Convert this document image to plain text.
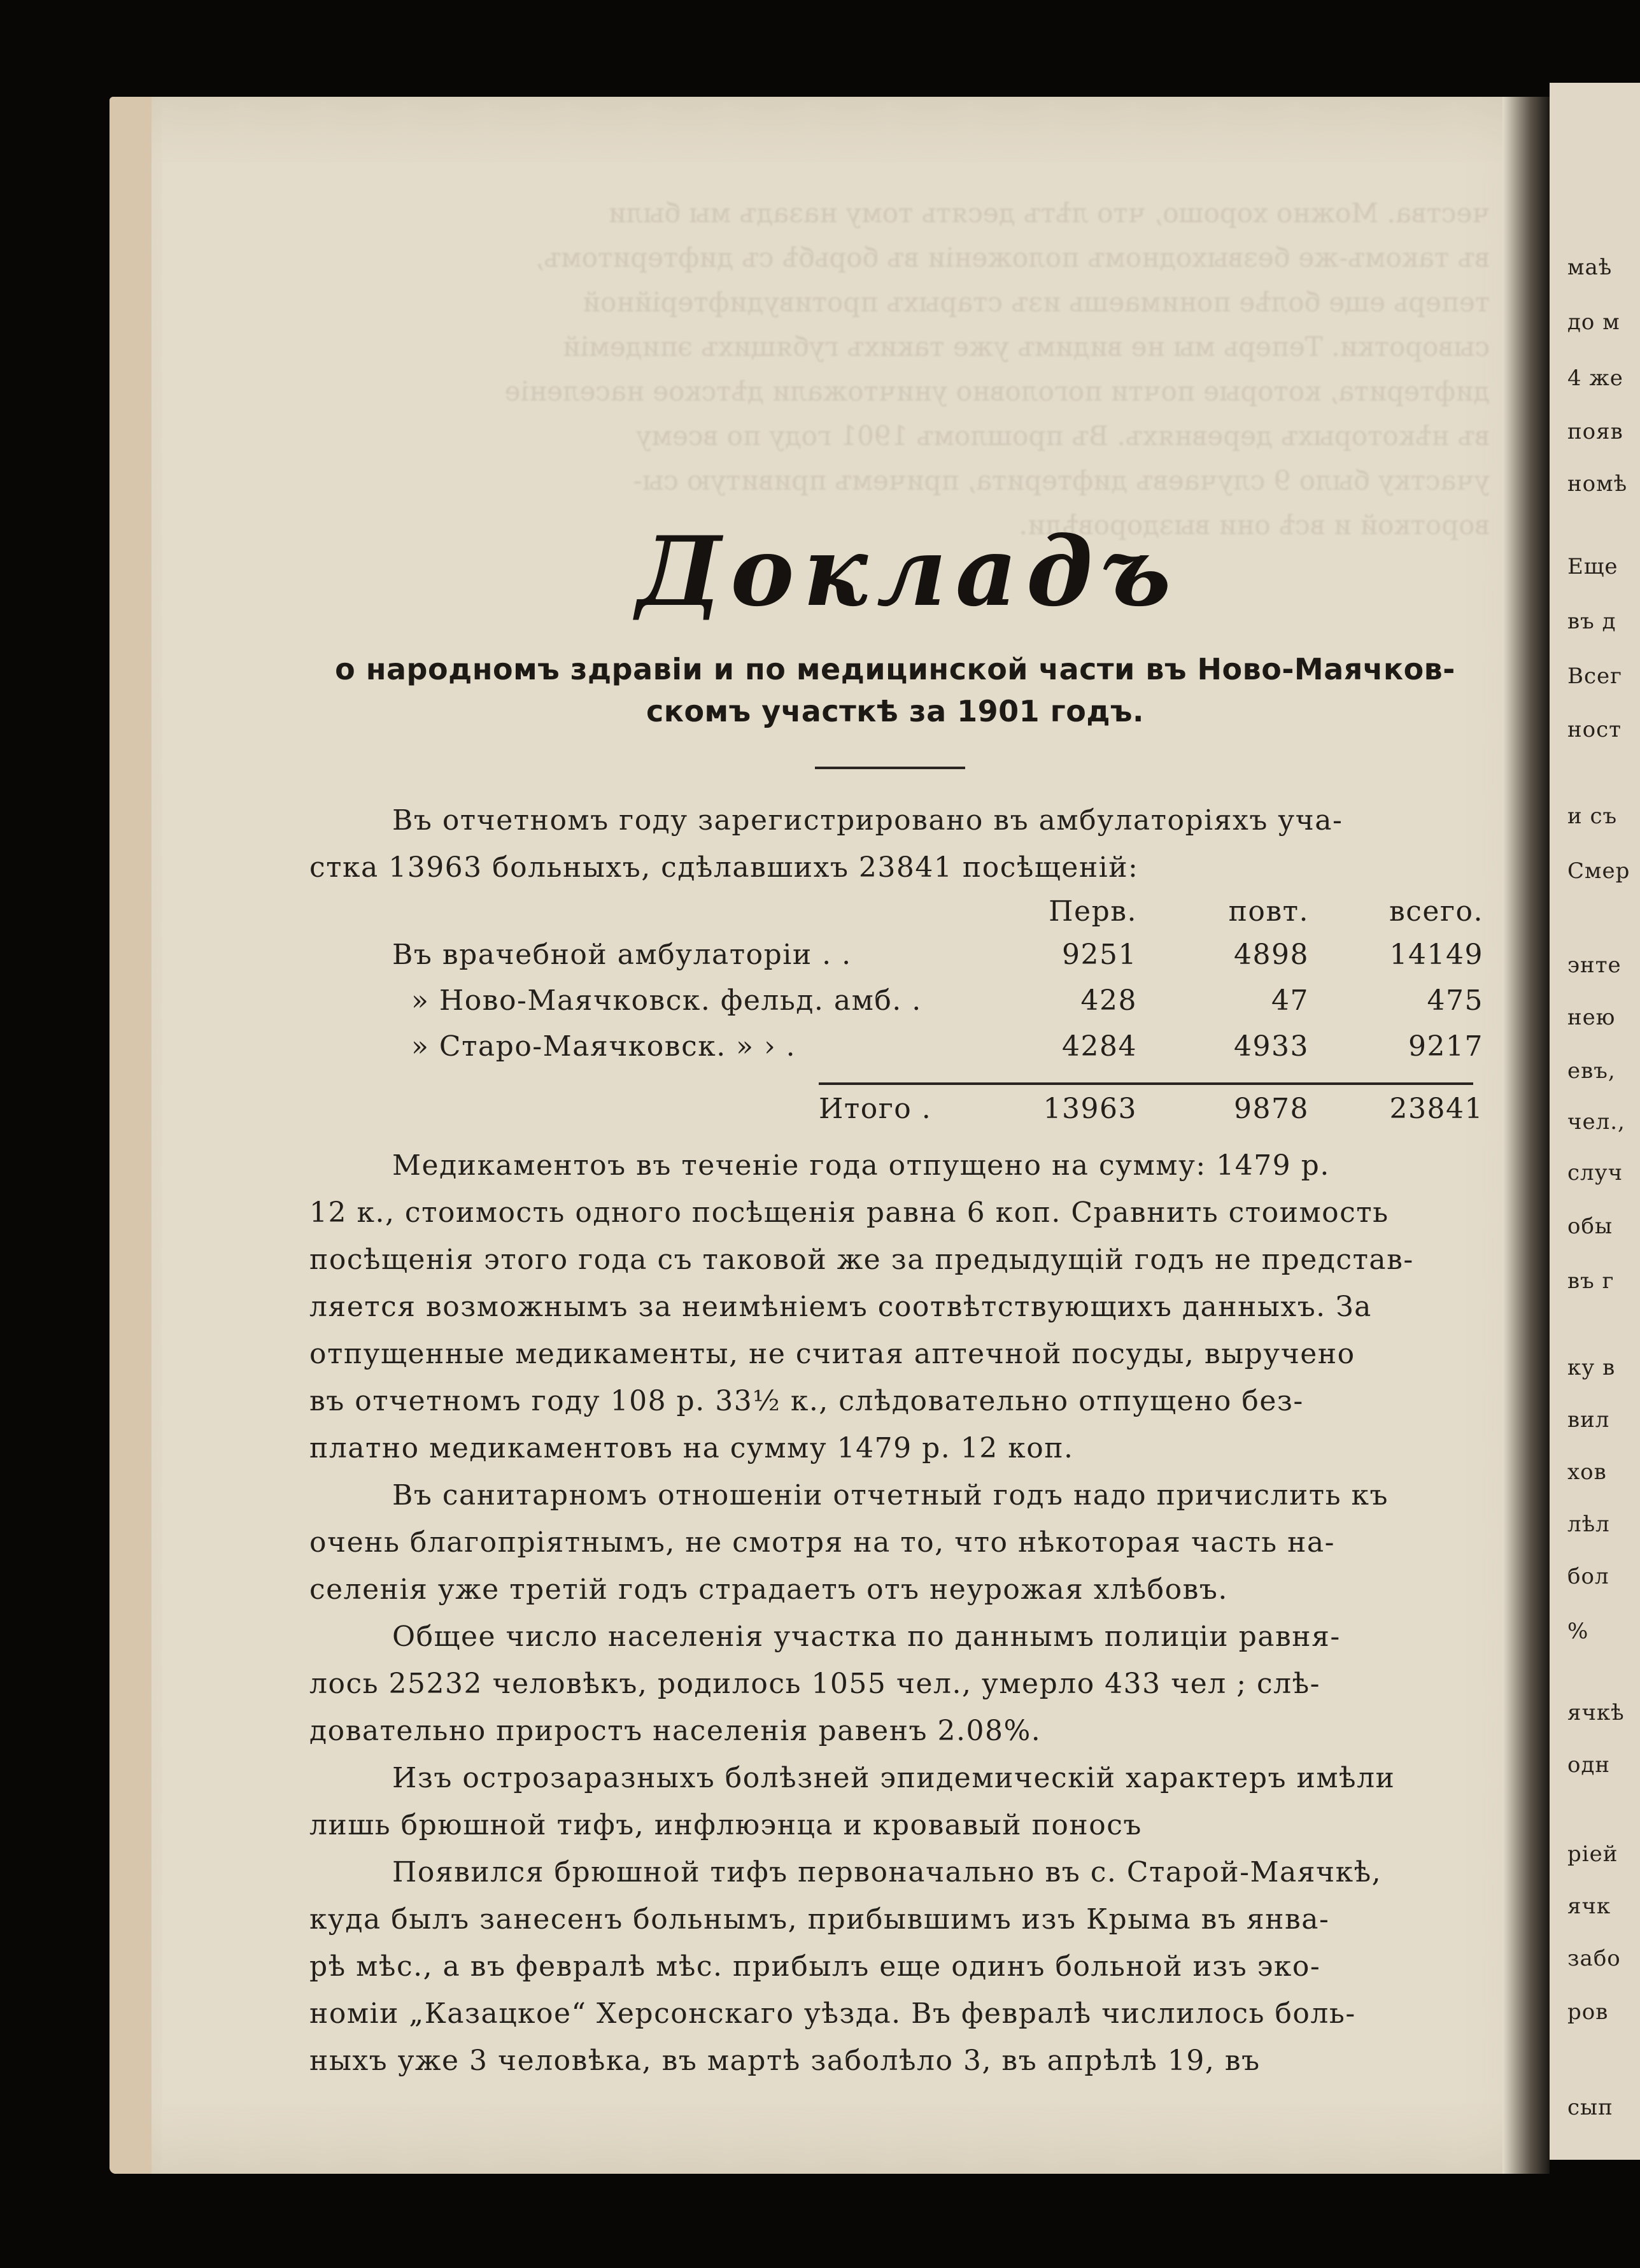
маѣ
до м
4 же
появ
номѣ
Еще
въ д
Всег
ност
и съ
Смер
энте
нею
евъ,
чел.,
случ
обы
въ г
ку в
вил
хов
лѣл
бол
%
ячкѣ
одн
ріей
ячк
забо
ров
сып
чества. Можно хорошо, что лѣтъ десять тому назадъ мы были
въ такомъ-же безвыходномъ положеніи въ борьбѣ съ дифтеритомъ,
теперь еще болѣе понимаешь изъ старыхъ противудифтерійной
сыворотки. Теперь мы не видимъ уже такихъ губящихъ эпидемій
дифтерита, которые почти поголовно уничтожали дѣтское населеніе
въ нѣкоторыхъ деревняхъ. Въ прошломъ 1901 году по всему
участку было 9 случаевъ дифтерита, причемъ привитую сы-
вороткой и всѣ они выздоровѣли.
Докладъ
о народномъ здравіи и по медицинской части въ Ново-Маячков-
скомъ участкѣ за 1901 годъ.
Въ отчетномъ году зарегистрировано въ амбулаторіяхъ уча-
стка 13963 больныхъ, сдѣлавшихъ 23841 посѣщеній:
Перв.	повт.	всего.
Въ врачебной амбулаторіи . .	9251	4898	14149
» Ново-Маячковск. фельд. амб. .	428	47	475
» Старо-Маячковск. » › .	4284	4933	9217
Итого .	13963	9878	23841
Медикаментоъ въ теченіе года отпущено на сумму: 1479 р.
12 к., стоимость одного посѣщенія равна 6 коп. Сравнить стоимость
посѣщенія этого года съ таковой же за предыдущій годъ не представ-
ляется возможнымъ за неимѣніемъ соотвѣтствующихъ данныхъ. За
отпущенные медикаменты, не считая аптечной посуды, выручено
въ отчетномъ году 108 р. 33½ к., слѣдовательно отпущено без-
платно медикаментовъ на сумму 1479 р. 12 коп.
Въ санитарномъ отношеніи отчетный годъ надо причислить къ
очень благопріятнымъ, не смотря на то, что нѣкоторая часть на-
селенія уже третій годъ страдаетъ отъ неурожая хлѣбовъ.
Общее число населенія участка по даннымъ полиціи равня-
лось 25232 человѣкъ, родилось 1055 чел., умерло 433 чел ; слѣ-
довательно приростъ населенія равенъ 2.08%.
Изъ острозаразныхъ болѣзней эпидемическій характеръ имѣли
лишь брюшной тифъ, инфлюэнца и кровавый поносъ
Появился брюшной тифъ первоначально въ с. Старой-Маячкѣ,
куда былъ занесенъ больнымъ, прибывшимъ изъ Крыма въ янва-
рѣ мѣс., а въ февралѣ мѣс. прибылъ еще одинъ больной изъ эко-
номіи „Казацкое“ Херсонскаго уѣзда. Въ февралѣ числилось боль-
ныхъ уже 3 человѣка, въ мартѣ заболѣло 3, въ апрѣлѣ 19, въ
